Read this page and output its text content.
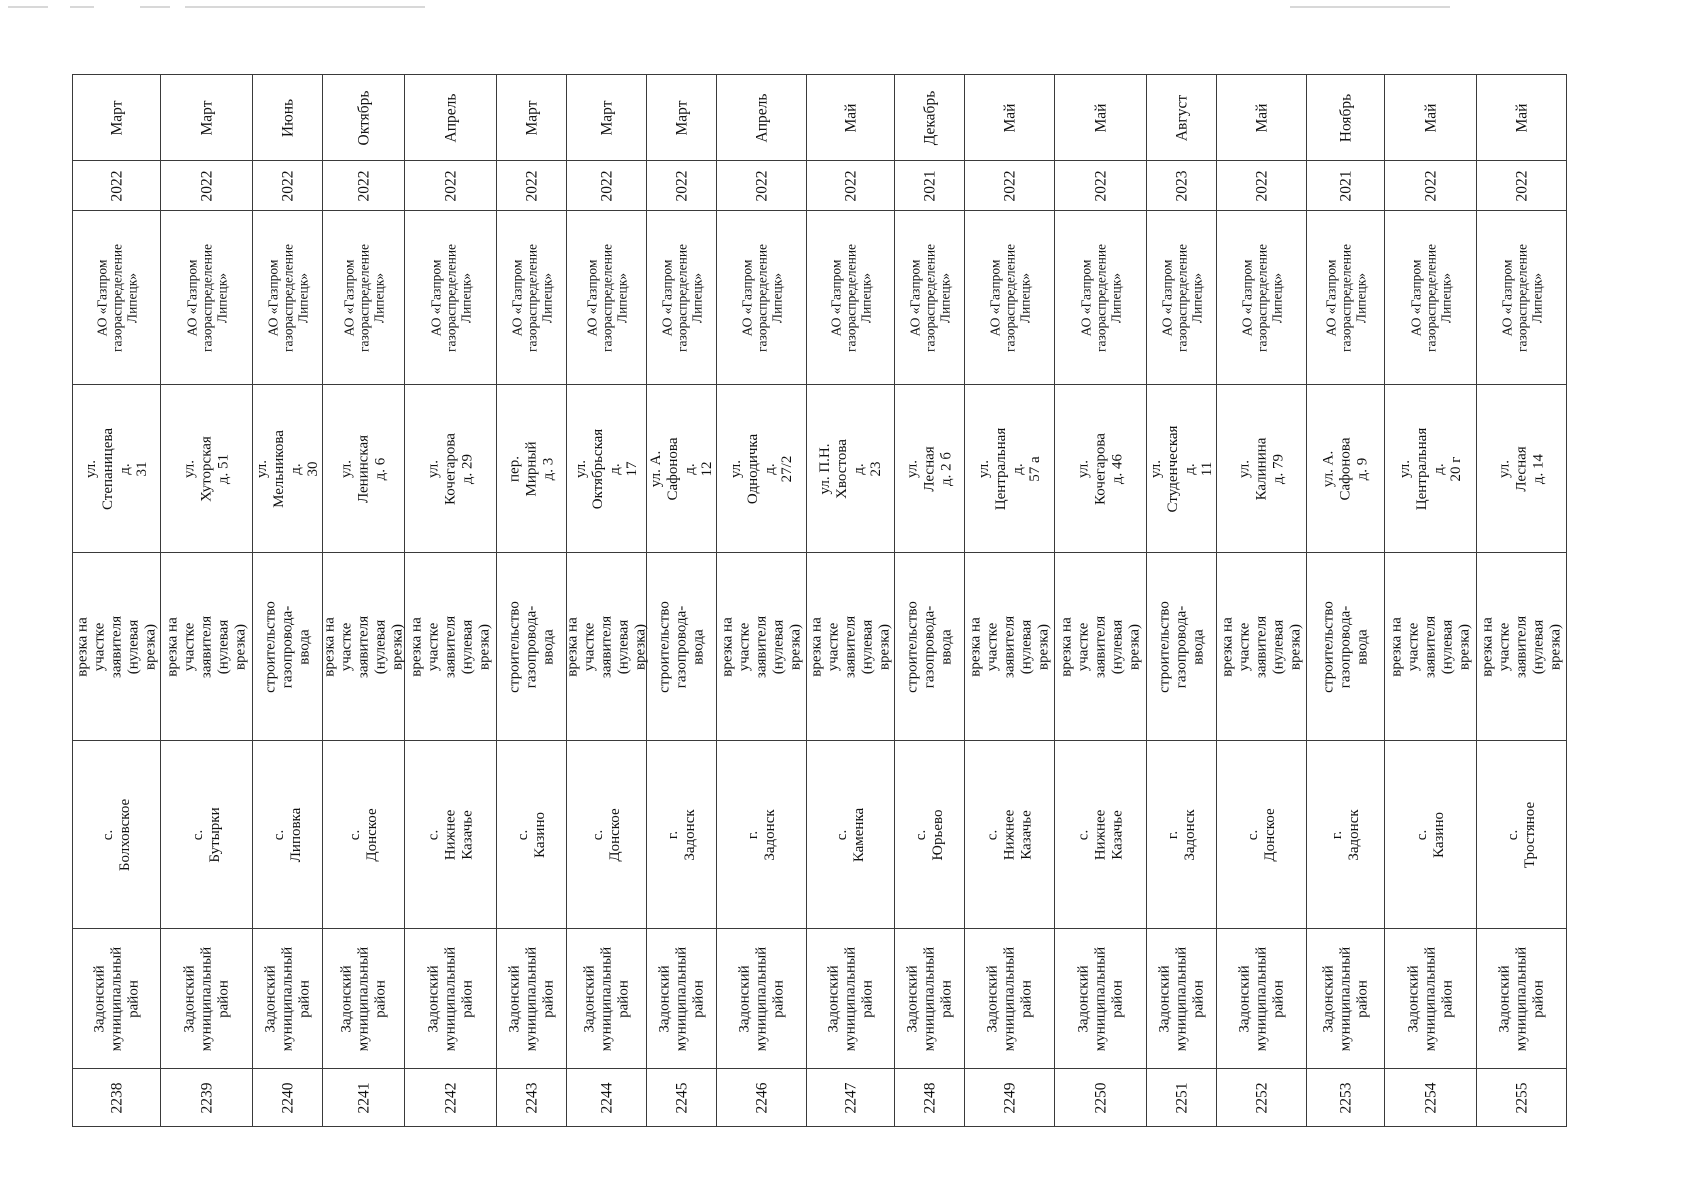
Март	Март	Июнь	Октябрь	Апрель	Март	Март	Март	Апрель	Май	Декабрь	Май	Май	Август	Май	Ноябрь	Май	Май

2022	2022	2022	2022	2022	2022	2022	2022	2022	2022	2021	2022	2022	2023	2022	2021	2022	2022

АО «Газпром
газораспределение
Липецк»	АО «Газпром
газораспределение
Липецк»	АО «Газпром
газораспределение
Липецк»	АО «Газпром
газораспределение
Липецк»	АО «Газпром
газораспределение
Липецк»	АО «Газпром
газораспределение
Липецк»	АО «Газпром
газораспределение
Липецк»	АО «Газпром
газораспределение
Липецк»	АО «Газпром
газораспределение
Липецк»	АО «Газпром
газораспределение
Липецк»	АО «Газпром
газораспределение
Липецк»	АО «Газпром
газораспределение
Липецк»	АО «Газпром
газораспределение
Липецк»	АО «Газпром
газораспределение
Липецк»	АО «Газпром
газораспределение
Липецк»	АО «Газпром
газораспределение
Липецк»	АО «Газпром
газораспределение
Липецк»	АО «Газпром
газораспределение
Липецк»

ул. Степаницева д.
31	ул. Хуторская д. 51	ул. Мельникова д.
30	ул. Ленинская д. 6	ул. Кочегарова д. 29	пер. Мирный д. 3	ул. Октябрьская д.
17	ул. А. Сафонова д.
12	ул. Однодичка д.
27/2	ул. П.Н. Хвостова д.
23	ул. Лесная д. 2 б	ул. Центральная д.
57 а	ул. Кочегарова д. 46	ул. Студенческая д.
11	ул. Калинина д. 79	ул. А. Сафонова д. 9	ул. Центральная д.
20 г	ул. Лесная д. 14

врезка на участке
заявителя (нулевая
врезка)	врезка на участке
заявителя (нулевая
врезка)	строительство
газопровода-ввода	врезка на участке
заявителя (нулевая
врезка)	врезка на участке
заявителя (нулевая
врезка)	строительство
газопровода-ввода	врезка на участке
заявителя (нулевая
врезка)	строительство
газопровода-ввода	врезка на участке
заявителя (нулевая
врезка)	врезка на участке
заявителя (нулевая
врезка)	строительство
газопровода-ввода	врезка на участке
заявителя (нулевая
врезка)	врезка на участке
заявителя (нулевая
врезка)	строительство
газопровода-ввода	врезка на участке
заявителя (нулевая
врезка)	строительство
газопровода-ввода	врезка на участке
заявителя (нулевая
врезка)	врезка на участке
заявителя (нулевая
врезка)

с. Болховское	с. Бутырки	с. Липовка	с. Донское	с. Нижнее Казачье	с. Казино	с. Донское	г. Задонск	г. Задонск	с. Каменка	с. Юрьево	с. Нижнее Казачье	с. Нижнее Казачье	г. Задонск	с. Донское	г. Задонск	с. Казино	с. Тростяное

Задонский
муниципальный
район	Задонский
муниципальный
район	Задонский
муниципальный
район	Задонский
муниципальный
район	Задонский
муниципальный
район	Задонский
муниципальный
район	Задонский
муниципальный
район	Задонский
муниципальный
район	Задонский
муниципальный
район	Задонский
муниципальный
район	Задонский
муниципальный
район	Задонский
муниципальный
район	Задонский
муниципальный
район	Задонский
муниципальный
район	Задонский
муниципальный
район	Задонский
муниципальный
район	Задонский
муниципальный
район	Задонский
муниципальный
район

2238	2239	2240	2241	2242	2243	2244	2245	2246	2247	2248	2249	2250	2251	2252	2253	2254	2255
